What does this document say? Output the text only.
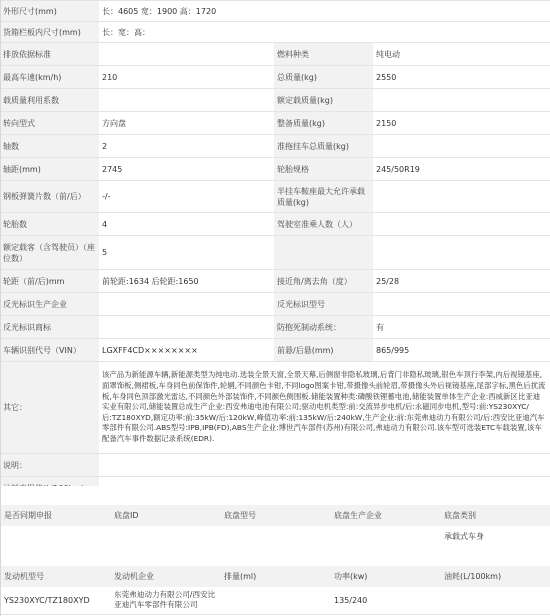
外形尺寸(mm)	长：4605 宽：1900 高：1720		
货箱栏板内尺寸(mm)	长：宽：高：		
排放依据标准		燃料种类	纯电动
最高车速(km/h)	210	总质量(kg)	2550
载质量利用系数		额定载质量(kg)	
转向型式	方向盘	整备质量(kg)	2150
轴数	2	准拖挂车总质量(kg)	
轴距(mm)	2745	轮胎规格	245/50R19
钢板弹簧片数（前/后）	-/-	半挂车鞍座最大允许承载质量(kg)	
轮胎数	4	驾驶室准乘人数（人）	
额定载客（含驾驶员）（座位数）	5		
轮距（前/后)mm	前轮距:1634 后轮距:1650	接近角/离去角（度）	25/28
反光标识生产企业		反光标识型号	
反光标识商标		防抱死制动系统：	有
车辆识别代号（VIN）	LGXFF4CD××××××××	前悬/后悬(mm)	865/995
其它：	该产品为新能源车辆,新能源类型为纯电动.选装全景天窗,全景天幕,后侧窗非隐私玻璃,后背门非隐私玻璃,银色车顶行李架,内后视镜基座,面罩饰板,侧裙板,车身同色前保饰件,轮辋,不同颜色卡钳,不同logo图案卡钳,带摄像头前轮眉,带摄像头外后视镜基座,尾部字标,黑色后扰流板,车身同色顶部激光雷达,不同颜色外部装饰件,不同颜色侧围板.储能装置种类:磷酸铁锂蓄电池,储能装置单体生产企业:西威新区比亚迪实业有限公司,储能装置总成生产企业:西安弗迪电池有限公司;驱动电机类型:前:交流异步电机/后:永磁同步电机,型号:前:YS230XYC/后:TZ180XYD,额定功率:前:35kW/后:120kW,峰值功率:前:135kW/后:240kW,生产企业:前:东莞弗迪动力有限公司/后:西安比亚迪汽车零部件有限公司.ABS型号:IPB,IPB(FD),ABS生产企业:博世汽车部件(苏州)有限公司,弗迪动力有限公司.该车型可选装ETC车载装置,该车配备汽车事件数据记录系统(EDR).		
说明：			

是否同期申报	底盘ID	底盘型号	底盘生产企业	底盘类别
				承载式车身
发动机型号	发动机企业	排量(ml)	功率(kw)	油耗(L/100km)
YS230XYC/TZ180XYD	东莞弗迪动力有限公司/西安比亚迪汽车零部件有限公司		135/240	
